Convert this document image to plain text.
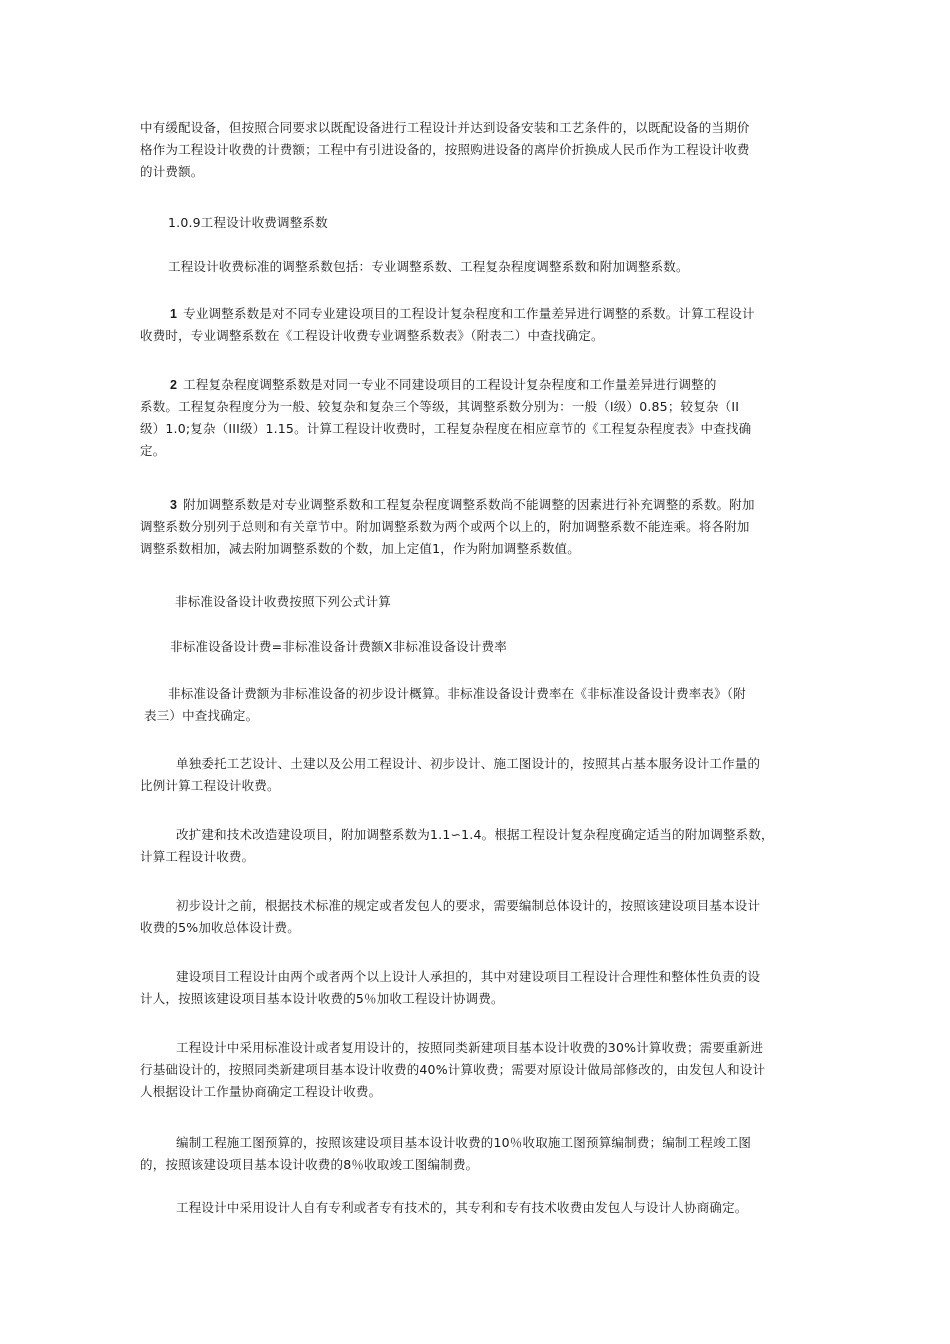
中有缓配设备，但按照合同要求以既配设备进行工程设计并达到设备安装和工艺条件的，以既配设备的当期价
格作为工程设计收费的计费额；工程中有引进设备的，按照购进设备的离岸价折换成人民币作为工程设计收费
的计费额。
1.0.9工程设计收费调整系数
工程设计收费标准的调整系数包括：专业调整系数、工程复杂程度调整系数和附加调整系数。
1 专业调整系数是对不同专业建设项目的工程设计复杂程度和工作量差异进行调整的系数。计算工程设计
收费时，专业调整系数在《工程设计收费专业调整系数表》（附表二）中查找确定。
2 工程复杂程度调整系数是对同一专业不同建设项目的工程设计复杂程度和工作量差异进行调整的
系数。工程复杂程度分为一般、较复杂和复杂三个等级，其调整系数分别为：一般（I级）0.85；较复杂（II
级）1.0;复杂（III级）1.15。计算工程设计收费时，工程复杂程度在相应章节的《工程复杂程度表》中查找确
定。
3 附加调整系数是对专业调整系数和工程复杂程度调整系数尚不能调整的因素进行补充调整的系数。附加
调整系数分别列于总则和有关章节中。附加调整系数为两个或两个以上的，附加调整系数不能连乘。将各附加
调整系数相加，减去附加调整系数的个数，加上定值1，作为附加调整系数值。
非标准设备设计收费按照下列公式计算
非标准设备设计费=非标准设备计费额X非标准设备设计费率
非标准设备计费额为非标准设备的初步设计概算。非标准设备设计费率在《非标准设备设计费率表》（附
表三）中查找确定。
单独委托工艺设计、土建以及公用工程设计、初步设计、施工图设计的，按照其占基本服务设计工作量的
比例计算工程设计收费。
改扩建和技术改造建设项目，附加调整系数为1.1∽1.4。根据工程设计复杂程度确定适当的附加调整系数，
计算工程设计收费。
初步设计之前，根据技术标准的规定或者发包人的要求，需要编制总体设计的，按照该建设项目基本设计
收费的5%加收总体设计费。
建设项目工程设计由两个或者两个以上设计人承担的，其中对建设项目工程设计合理性和整体性负责的设
计人，按照该建设项目基本设计收费的5％加收工程设计协调费。
工程设计中采用标准设计或者复用设计的，按照同类新建项目基本设计收费的30%计算收费；需要重新进
行基础设计的，按照同类新建项目基本设计收费的40%计算收费；需要对原设计做局部修改的，由发包人和设计
人根据设计工作量协商确定工程设计收费。
编制工程施工图预算的，按照该建设项目基本设计收费的10％收取施工图预算编制费；编制工程竣工图
的，按照该建设项目基本设计收费的8％收取竣工图编制费。
工程设计中采用设计人自有专利或者专有技术的，其专利和专有技术收费由发包人与设计人协商确定。
